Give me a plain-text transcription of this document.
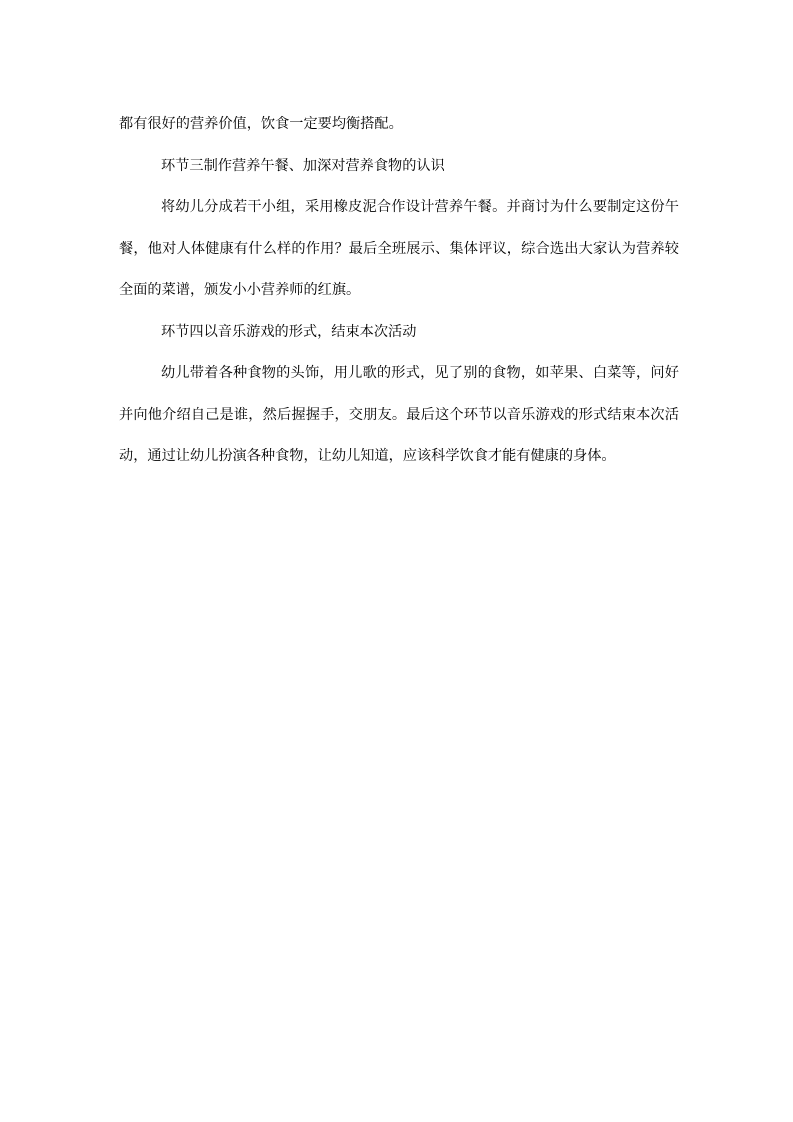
都有很好的营养价值，饮食一定要均衡搭配。

环节三制作营养午餐、加深对营养食物的认识

将幼儿分成若干小组，采用橡皮泥合作设计营养午餐。并商讨为什么要制定这份午餐，他对人体健康有什么样的作用？最后全班展示、集体评议，综合选出大家认为营养较全面的菜谱，颁发小小营养师的红旗。

环节四以音乐游戏的形式，结束本次活动

幼儿带着各种食物的头饰，用儿歌的形式，见了别的食物，如苹果、白菜等，问好并向他介绍自己是谁，然后握握手，交朋友。最后这个环节以音乐游戏的形式结束本次活动，通过让幼儿扮演各种食物，让幼儿知道，应该科学饮食才能有健康的身体。
